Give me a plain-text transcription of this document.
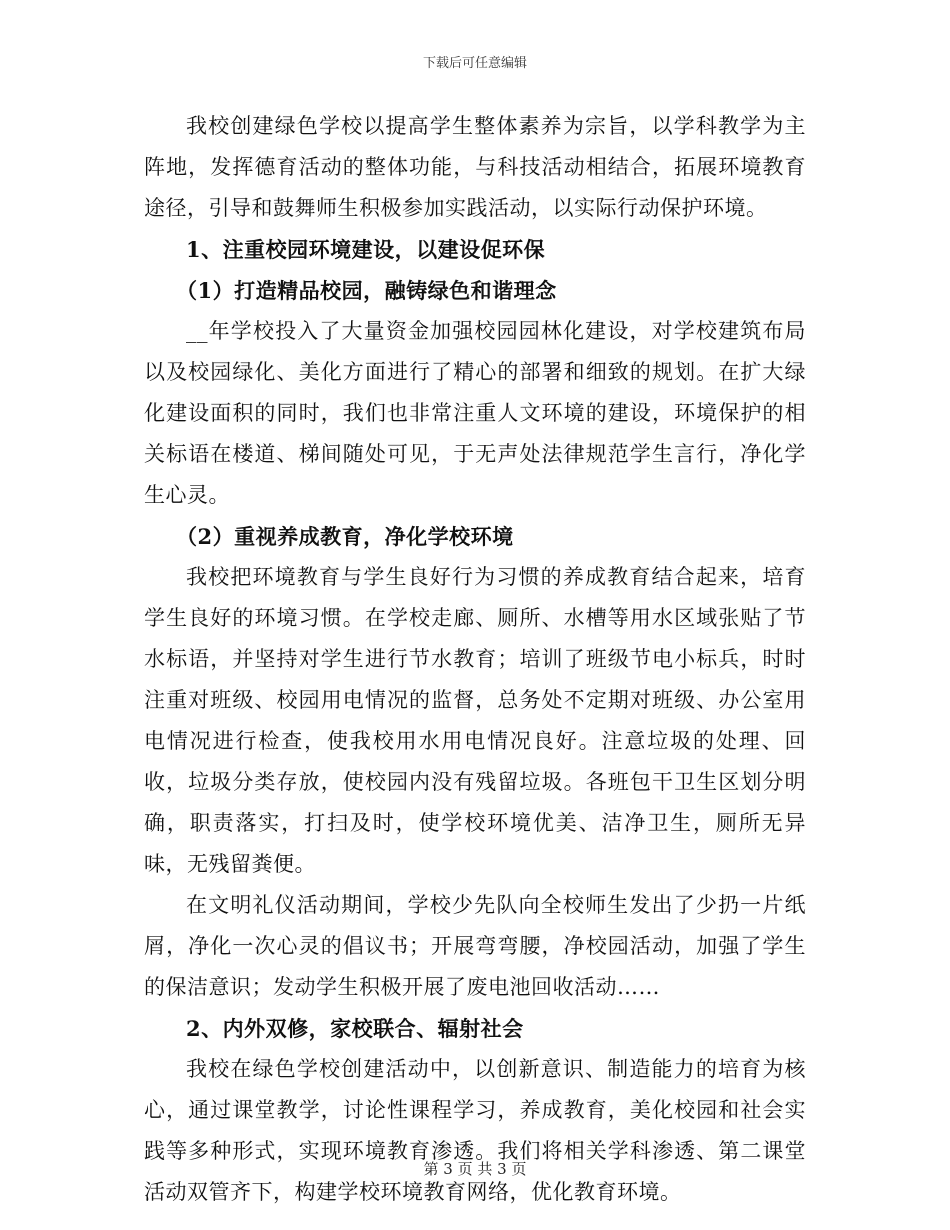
下载后可任意编辑

我校创建绿色学校以提高学生整体素养为宗旨，以学科教学为主阵地，发挥德育活动的整体功能，与科技活动相结合，拓展环境教育途径，引导和鼓舞师生积极参加实践活动，以实际行动保护环境。

1、注重校园环境建设，以建设促环保

（1）打造精品校园，融铸绿色和谐理念

__年学校投入了大量资金加强校园园林化建设，对学校建筑布局以及校园绿化、美化方面进行了精心的部署和细致的规划。在扩大绿化建设面积的同时，我们也非常注重人文环境的建设，环境保护的相关标语在楼道、梯间随处可见，于无声处法律规范学生言行，净化学生心灵。

（2）重视养成教育，净化学校环境

我校把环境教育与学生良好行为习惯的养成教育结合起来，培育学生良好的环境习惯。在学校走廊、厕所、水槽等用水区域张贴了节水标语，并坚持对学生进行节水教育；培训了班级节电小标兵，时时注重对班级、校园用电情况的监督，总务处不定期对班级、办公室用电情况进行检查，使我校用水用电情况良好。注意垃圾的处理、回收，垃圾分类存放，使校园内没有残留垃圾。各班包干卫生区划分明确，职责落实，打扫及时，使学校环境优美、洁净卫生，厕所无异味，无残留粪便。

在文明礼仪活动期间，学校少先队向全校师生发出了少扔一片纸屑，净化一次心灵的倡议书；开展弯弯腰，净校园活动，加强了学生的保洁意识；发动学生积极开展了废电池回收活动……

2、内外双修，家校联合、辐射社会

我校在绿色学校创建活动中，以创新意识、制造能力的培育为核心，通过课堂教学，讨论性课程学习，养成教育，美化校园和社会实践等多种形式，实现环境教育渗透。我们将相关学科渗透、第二课堂活动双管齐下，构建学校环境教育网络，优化教育环境。

第 3 页 共 3 页
